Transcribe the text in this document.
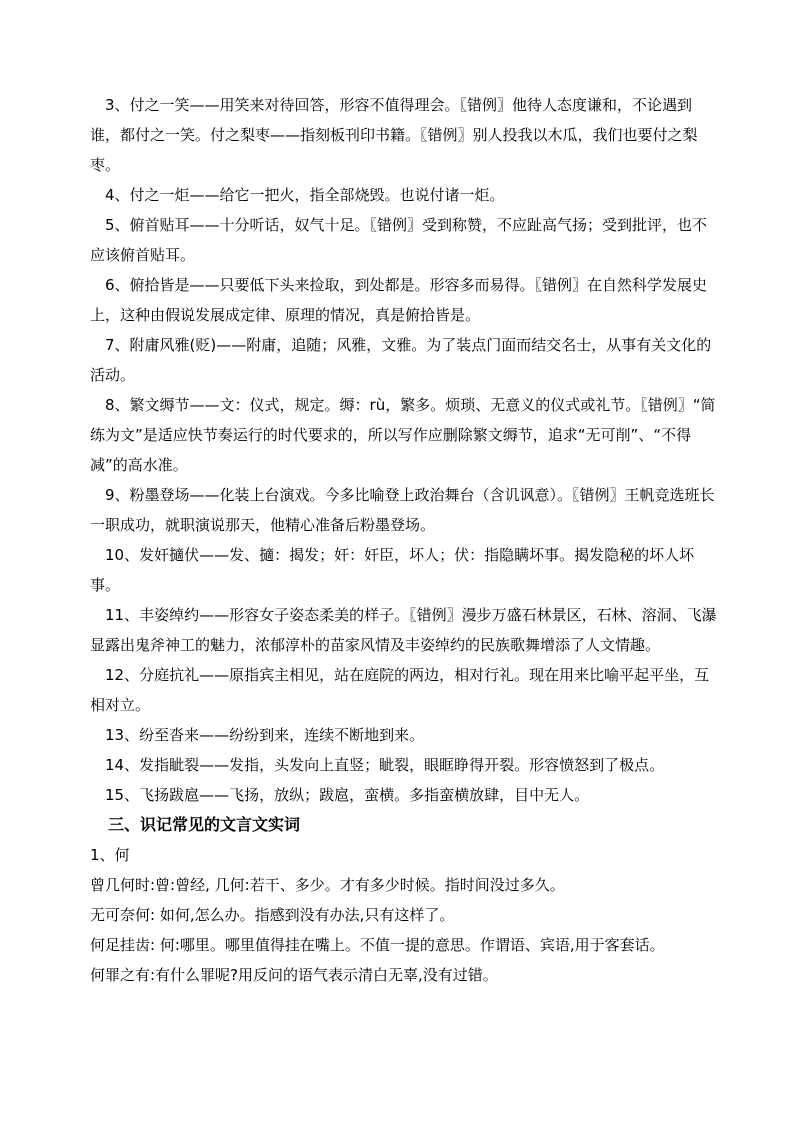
3、付之一笑——用笑来对待回答，形容不值得理会。〖错例〗他待人态度谦和，不论遇到谁，都付之一笑。付之梨枣——指刻板刊印书籍。〖错例〗别人投我以木瓜，我们也要付之梨枣。

4、付之一炬——给它一把火，指全部烧毁。也说付诸一炬。

5、俯首贴耳——十分听话，奴气十足。〖错例〗受到称赞，不应趾高气扬；受到批评，也不应该俯首贴耳。

6、俯拾皆是——只要低下头来捡取，到处都是。形容多而易得。〖错例〗在自然科学发展史上，这种由假说发展成定律、原理的情况，真是俯拾皆是。

7、附庸风雅(贬)——附庸，追随；风雅，文雅。为了装点门面而结交名士，从事有关文化的活动。

8、繁文缛节——文：仪式，规定。缛：rù，繁多。烦琐、无意义的仪式或礼节。〖错例〗“简练为文”是适应快节奏运行的时代要求的，所以写作应删除繁文缛节，追求“无可削”、“不得减”的高水准。

9、粉墨登场——化装上台演戏。今多比喻登上政治舞台（含讥讽意）。〖错例〗王帆竞选班长一职成功，就职演说那天，他精心准备后粉墨登场。

10、发奸擿伏——发、擿：揭发；奸：奸臣，坏人；伏：指隐瞒坏事。揭发隐秘的坏人坏事。

11、丰姿绰约——形容女子姿态柔美的样子。〖错例〗漫步万盛石林景区，石林、溶洞、飞瀑显露出鬼斧神工的魅力，浓郁淳朴的苗家风情及丰姿绰约的民族歌舞增添了人文情趣。

12、分庭抗礼——原指宾主相见，站在庭院的两边，相对行礼。现在用来比喻平起平坐，互相对立。

13、纷至沓来——纷纷到来，连续不断地到来。

14、发指眦裂——发指，头发向上直竖；眦裂，眼眶睁得开裂。形容愤怒到了极点。

15、飞扬跋扈——飞扬，放纵；跋扈，蛮横。多指蛮横放肆，目中无人。

三、识记常见的文言文实词

1、何

曾几何时:曾:曾经, 几何:若干、多少。才有多少时候。指时间没过多久。

无可奈何: 如何,怎么办。指感到没有办法,只有这样了。

何足挂齿: 何:哪里。哪里值得挂在嘴上。不值一提的意思。作谓语、宾语,用于客套话。

何罪之有:有什么罪呢?用反问的语气表示清白无辜,没有过错。
